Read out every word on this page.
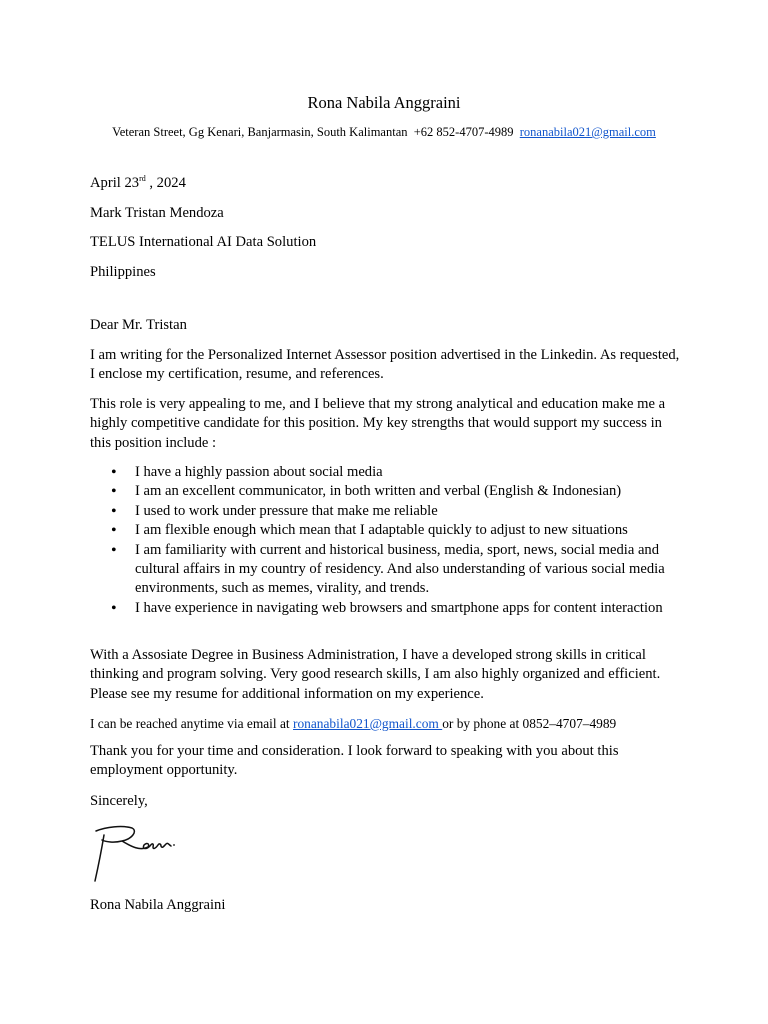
Rona Nabila Anggraini
Veteran Street, Gg Kenari, Banjarmasin, South Kalimantan +62 852-4707-4989 ronanabila021@gmail.com
April 23rd , 2024
Mark Tristan Mendoza
TELUS International AI Data Solution
Philippines
Dear Mr. Tristan
I am writing for the Personalized Internet Assessor position advertised in the Linkedin. As requested, I enclose my certification, resume, and references.
This role is very appealing to me, and I believe that my strong analytical and education make me a highly competitive candidate for this position. My key strengths that would support my success in this position include :
• I have a highly passion about social media
• I am an excellent communicator, in both written and verbal (English & Indonesian)
• I used to work under pressure that make me reliable
• I am flexible enough which mean that I adaptable quickly to adjust to new situations
• I am familiarity with current and historical business, media, sport, news, social media and cultural affairs in my country of residency. And also understanding of various social media environments, such as memes, virality, and trends.
• I have experience in navigating web browsers and smartphone apps for content interaction
With a Assosiate Degree in Business Administration, I have a developed strong skills in critical thinking and program solving. Very good research skills, I am also highly organized and efficient. Please see my resume for additional information on my experience.
I can be reached anytime via email at ronanabila021@gmail.com or by phone at 0852–4707–4989
Thank you for your time and consideration. I look forward to speaking with you about this employment opportunity.
Sincerely,
Rona Nabila Anggraini
